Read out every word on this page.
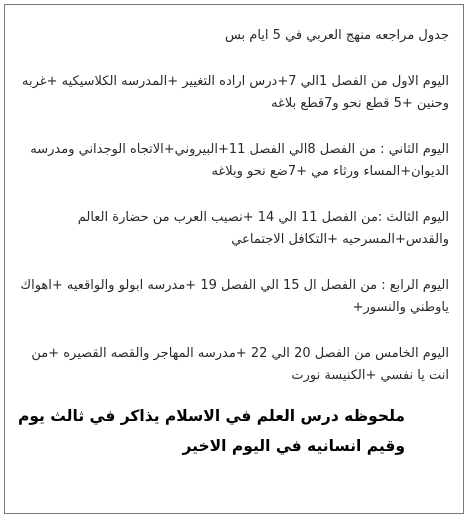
جدول مراجعه منهج العربي في 5 ايام بس

اليوم الاول من الفصل 1الي 7+درس اراده التغيير +المدرسه الكلاسيكيه +غربه وحنين +5 قطع نحو و7قطع بلاغه

اليوم الثاني : من الفصل 8الي الفصل 11+البيروني+الاتجاه الوجداني ومدرسه الديوان+المساء ورثاء مي +7ضع نحو وبلاغه

اليوم الثالث :من الفصل 11 الي 14 +نصيب العرب من حضارة العالم والقدس+المسرحيه +التكافل الاجتماعي

اليوم الرابع : من الفصل ال 15 الي الفصل 19 +مدرسه ابولو والواقعيه +اهواك ياوطني والنسور+

اليوم الخامس من الفصل 20 الي 22 +مدرسه المهاجر والقصه القصيره +من انت يا نفسي +الكنيسة نورت

ملحوظه درس العلم في الاسلام يذاكر في ثالث يوم
وقيم انسانيه في اليوم الاخير
